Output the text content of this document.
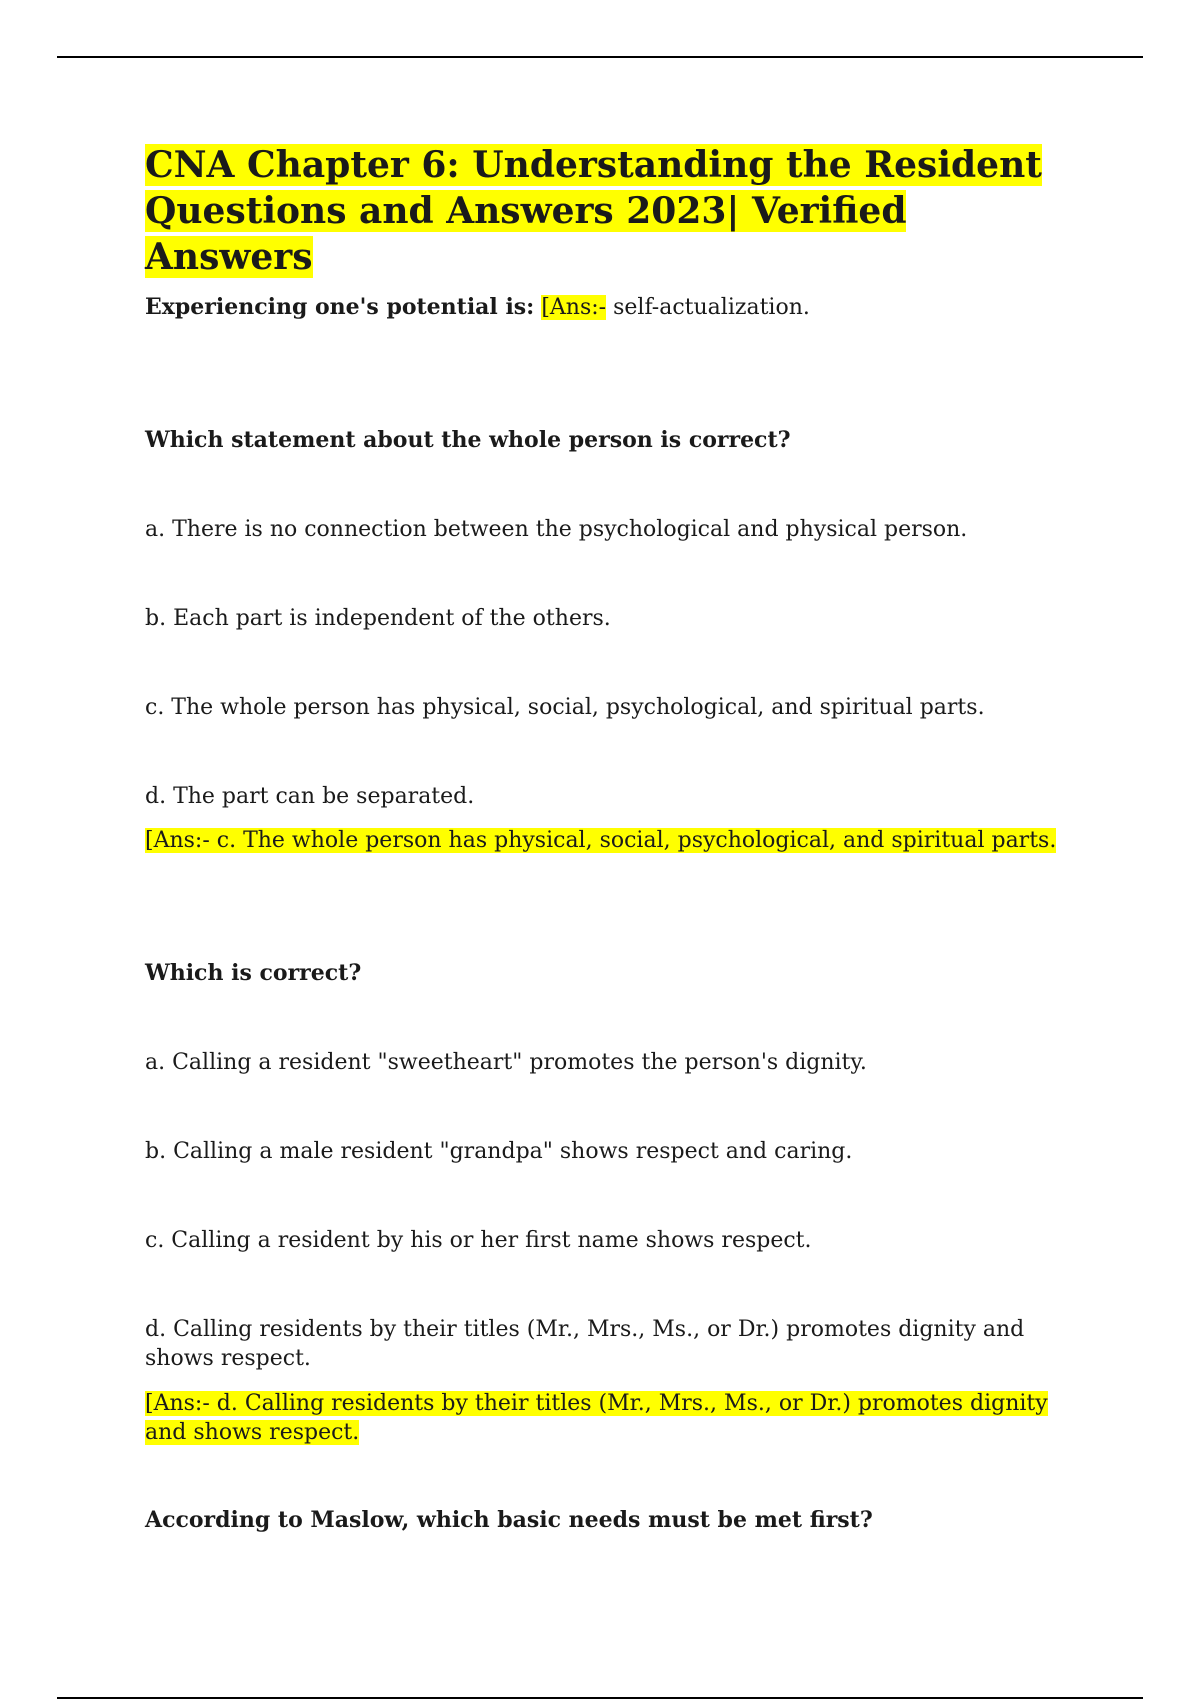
CNA Chapter 6: Understanding the Resident
Questions and Answers 2023| Verified Answers

Experiencing one's potential is: [Ans:- self-actualization.

Which statement about the whole person is correct?

a. There is no connection between the psychological and physical person.

b. Each part is independent of the others.

c. The whole person has physical, social, psychological, and spiritual parts.

d. The part can be separated.

[Ans:- c. The whole person has physical, social, psychological, and spiritual parts.

Which is correct?

a. Calling a resident "sweetheart" promotes the person's dignity.

b. Calling a male resident "grandpa" shows respect and caring.

c. Calling a resident by his or her first name shows respect.

d. Calling residents by their titles (Mr., Mrs., Ms., or Dr.) promotes dignity and shows respect.

[Ans:- d. Calling residents by their titles (Mr., Mrs., Ms., or Dr.) promotes dignity and shows respect.

According to Maslow, which basic needs must be met first?
